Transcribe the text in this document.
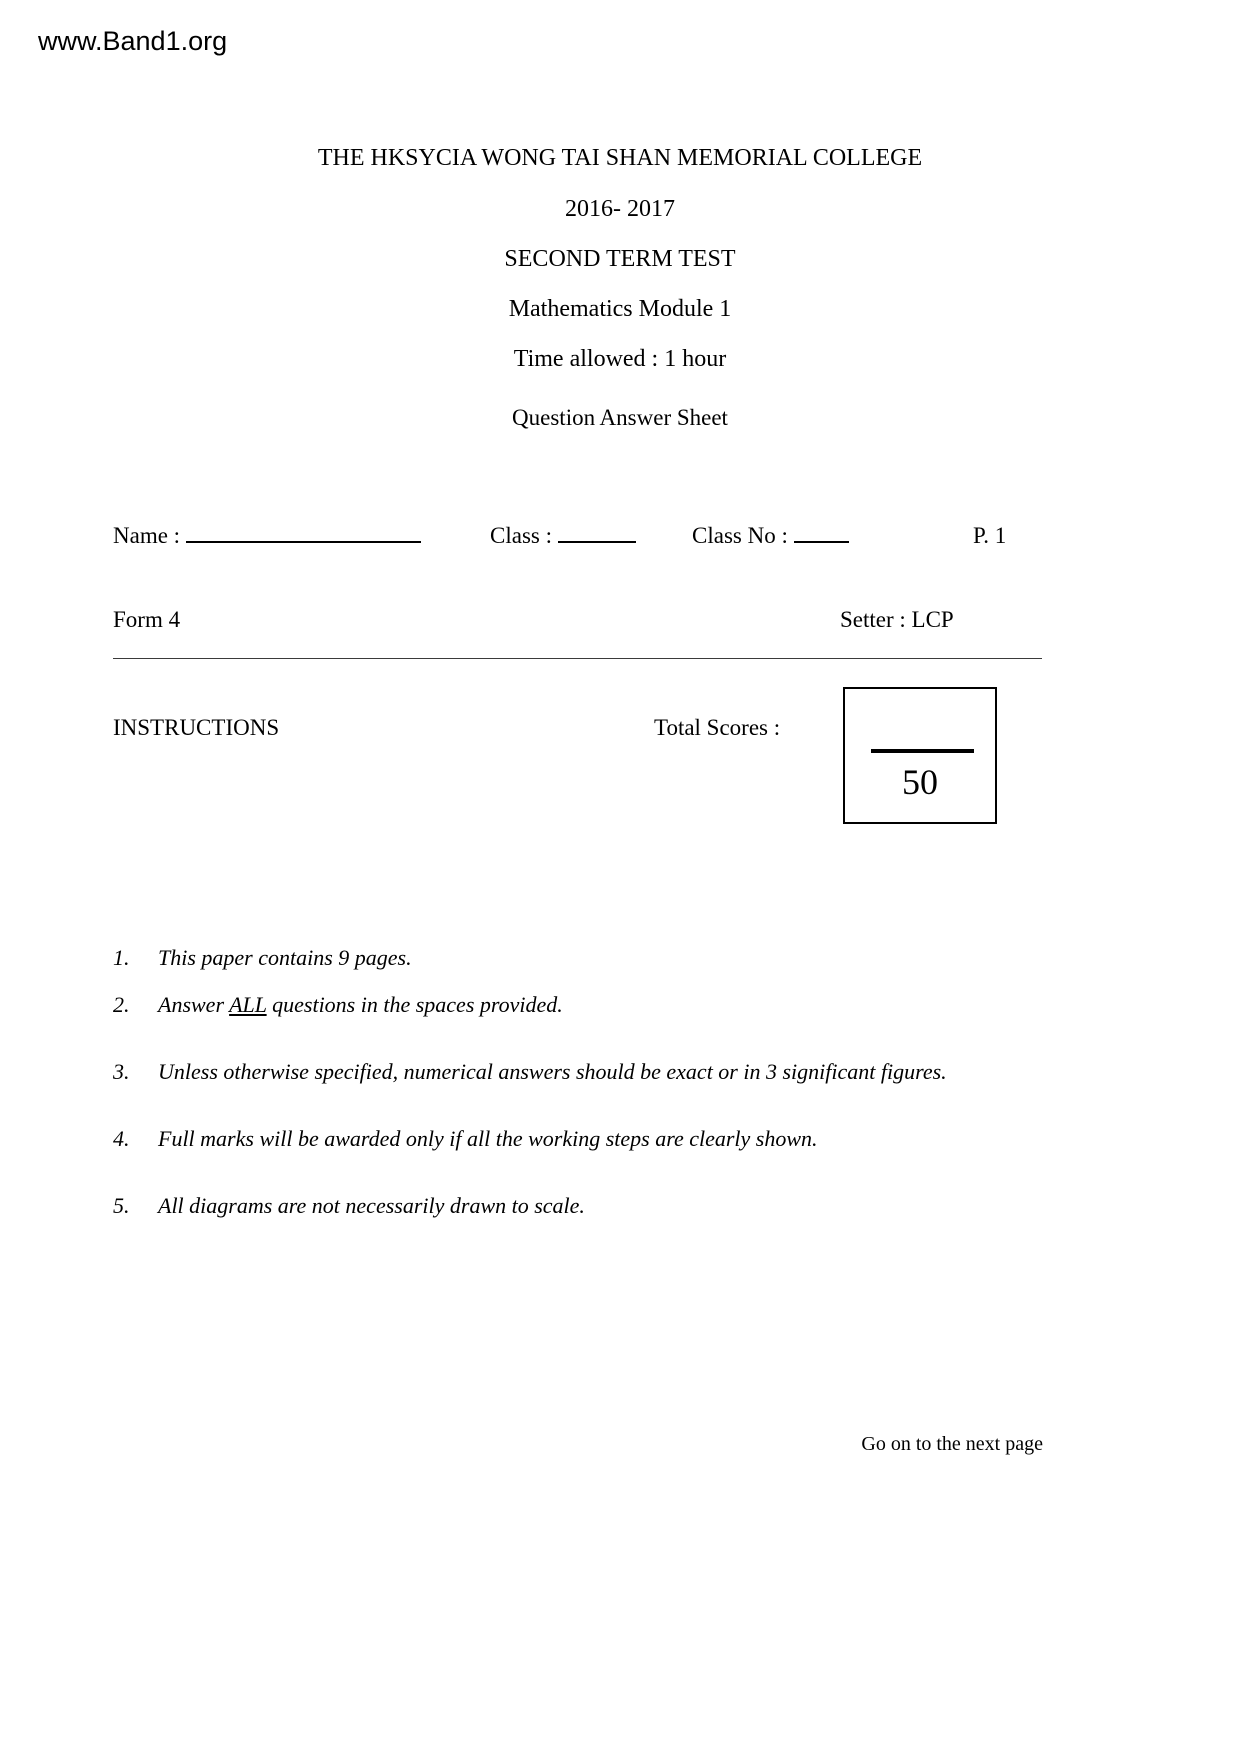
www.Band1.org
THE HKSYCIA WONG TAI SHAN MEMORIAL COLLEGE
2016- 2017
SECOND TERM TEST
Mathematics Module 1
Time allowed : 1 hour
Question Answer Sheet
Name :	Class :	Class No :	P. 1
Form 4	Setter : LCP
INSTRUCTIONS	Total Scores :
50
1.	This paper contains 9 pages.
2.	Answer ALL questions in the spaces provided.
3.	Unless otherwise specified, numerical answers should be exact or in 3 significant figures.
4.	Full marks will be awarded only if all the working steps are clearly shown.
5.	All diagrams are not necessarily drawn to scale.
Go on to the next page
